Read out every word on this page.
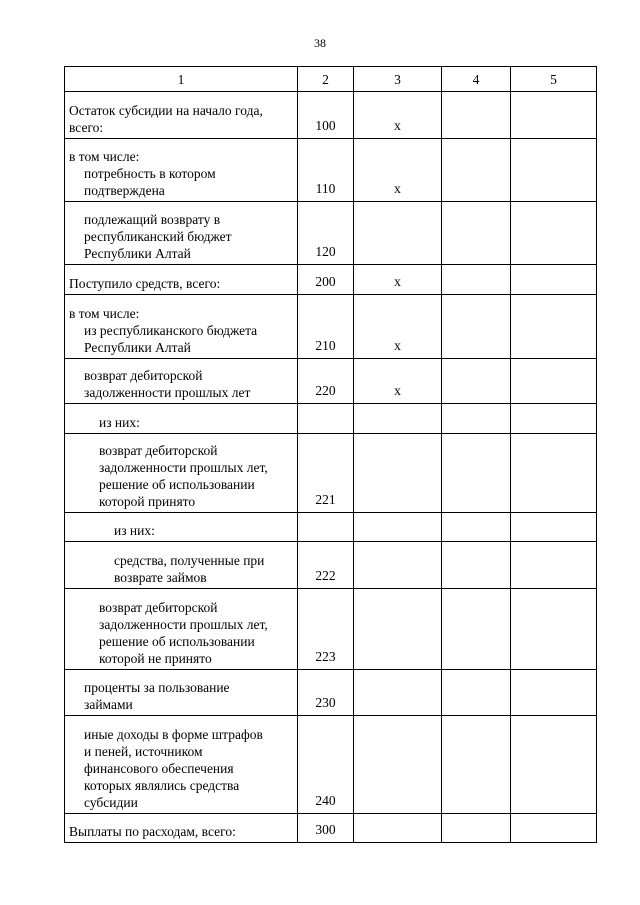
38
1	2	3	4	5

Остаток субсидии на начало года,
всего:	100	x		

в том числе:
потребность в котором
подтверждена	110	x		

подлежащий возврату в
республиканский бюджет
Республики Алтай	120			

Поступило средств, всего:	200	x		

в том числе:
из республиканского бюджета
Республики Алтай	210	x		

возврат дебиторской
задолженности прошлых лет	220	x		

из них:				

возврат дебиторской
задолженности прошлых лет,
решение об использовании
которой принято	221			

из них:				

средства, полученные при
возврате займов	222			

возврат дебиторской
задолженности прошлых лет,
решение об использовании
которой не принято	223			

проценты за пользование
займами	230			

иные доходы в форме штрафов
и пеней, источником
финансового обеспечения
которых являлись средства
субсидии	240			

Выплаты по расходам, всего:	300			
